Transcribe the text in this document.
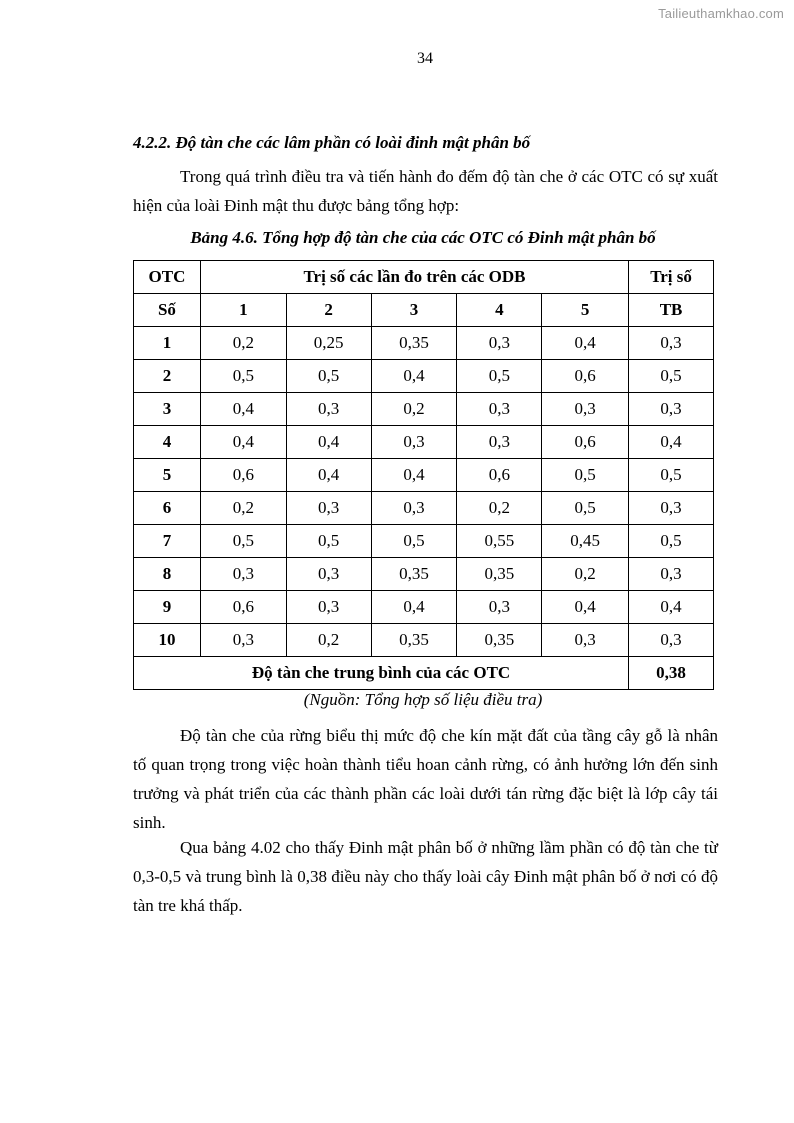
Tailieuthamkhao.com
34
4.2.2. Độ tàn che các lâm phần có loài đinh mật phân bố

Trong quá trình điều tra và tiến hành đo đếm độ tàn che ở các OTC có sự xuất hiện của loài Đinh mật thu được bảng tổng hợp:

Bảng 4.6. Tổng hợp độ tàn che của các OTC có Đinh mật phân bố
OTC	Trị số các lần đo trên các ODB					Trị số
Số	1	2	3	4	5	TB
1	0,2	0,25	0,35	0,3	0,4	0,3
2	0,5	0,5	0,4	0,5	0,6	0,5
3	0,4	0,3	0,2	0,3	0,3	0,3
4	0,4	0,4	0,3	0,3	0,6	0,4
5	0,6	0,4	0,4	0,6	0,5	0,5
6	0,2	0,3	0,3	0,2	0,5	0,3
7	0,5	0,5	0,5	0,55	0,45	0,5
8	0,3	0,3	0,35	0,35	0,2	0,3
9	0,6	0,3	0,4	0,3	0,4	0,4
10	0,3	0,2	0,35	0,35	0,3	0,3
Độ tàn che trung bình của các OTC						0,38
(Nguồn: Tổng hợp số liệu điều tra)

Độ tàn che của rừng biểu thị mức độ che kín mặt đất của tầng cây gỗ là nhân tố quan trọng trong việc hoàn thành tiểu hoan cảnh rừng, có ảnh hưởng lớn đến sinh trưởng và phát triển của các thành phần các loài dưới tán rừng đặc biệt là lớp cây tái sinh.

Qua bảng 4.02 cho thấy Đinh mật phân bố ở những lầm phần có độ tàn che từ 0,3-0,5 và trung bình là 0,38 điều này cho thấy loài cây Đinh mật phân bố ở nơi có độ tàn tre khá thấp.
